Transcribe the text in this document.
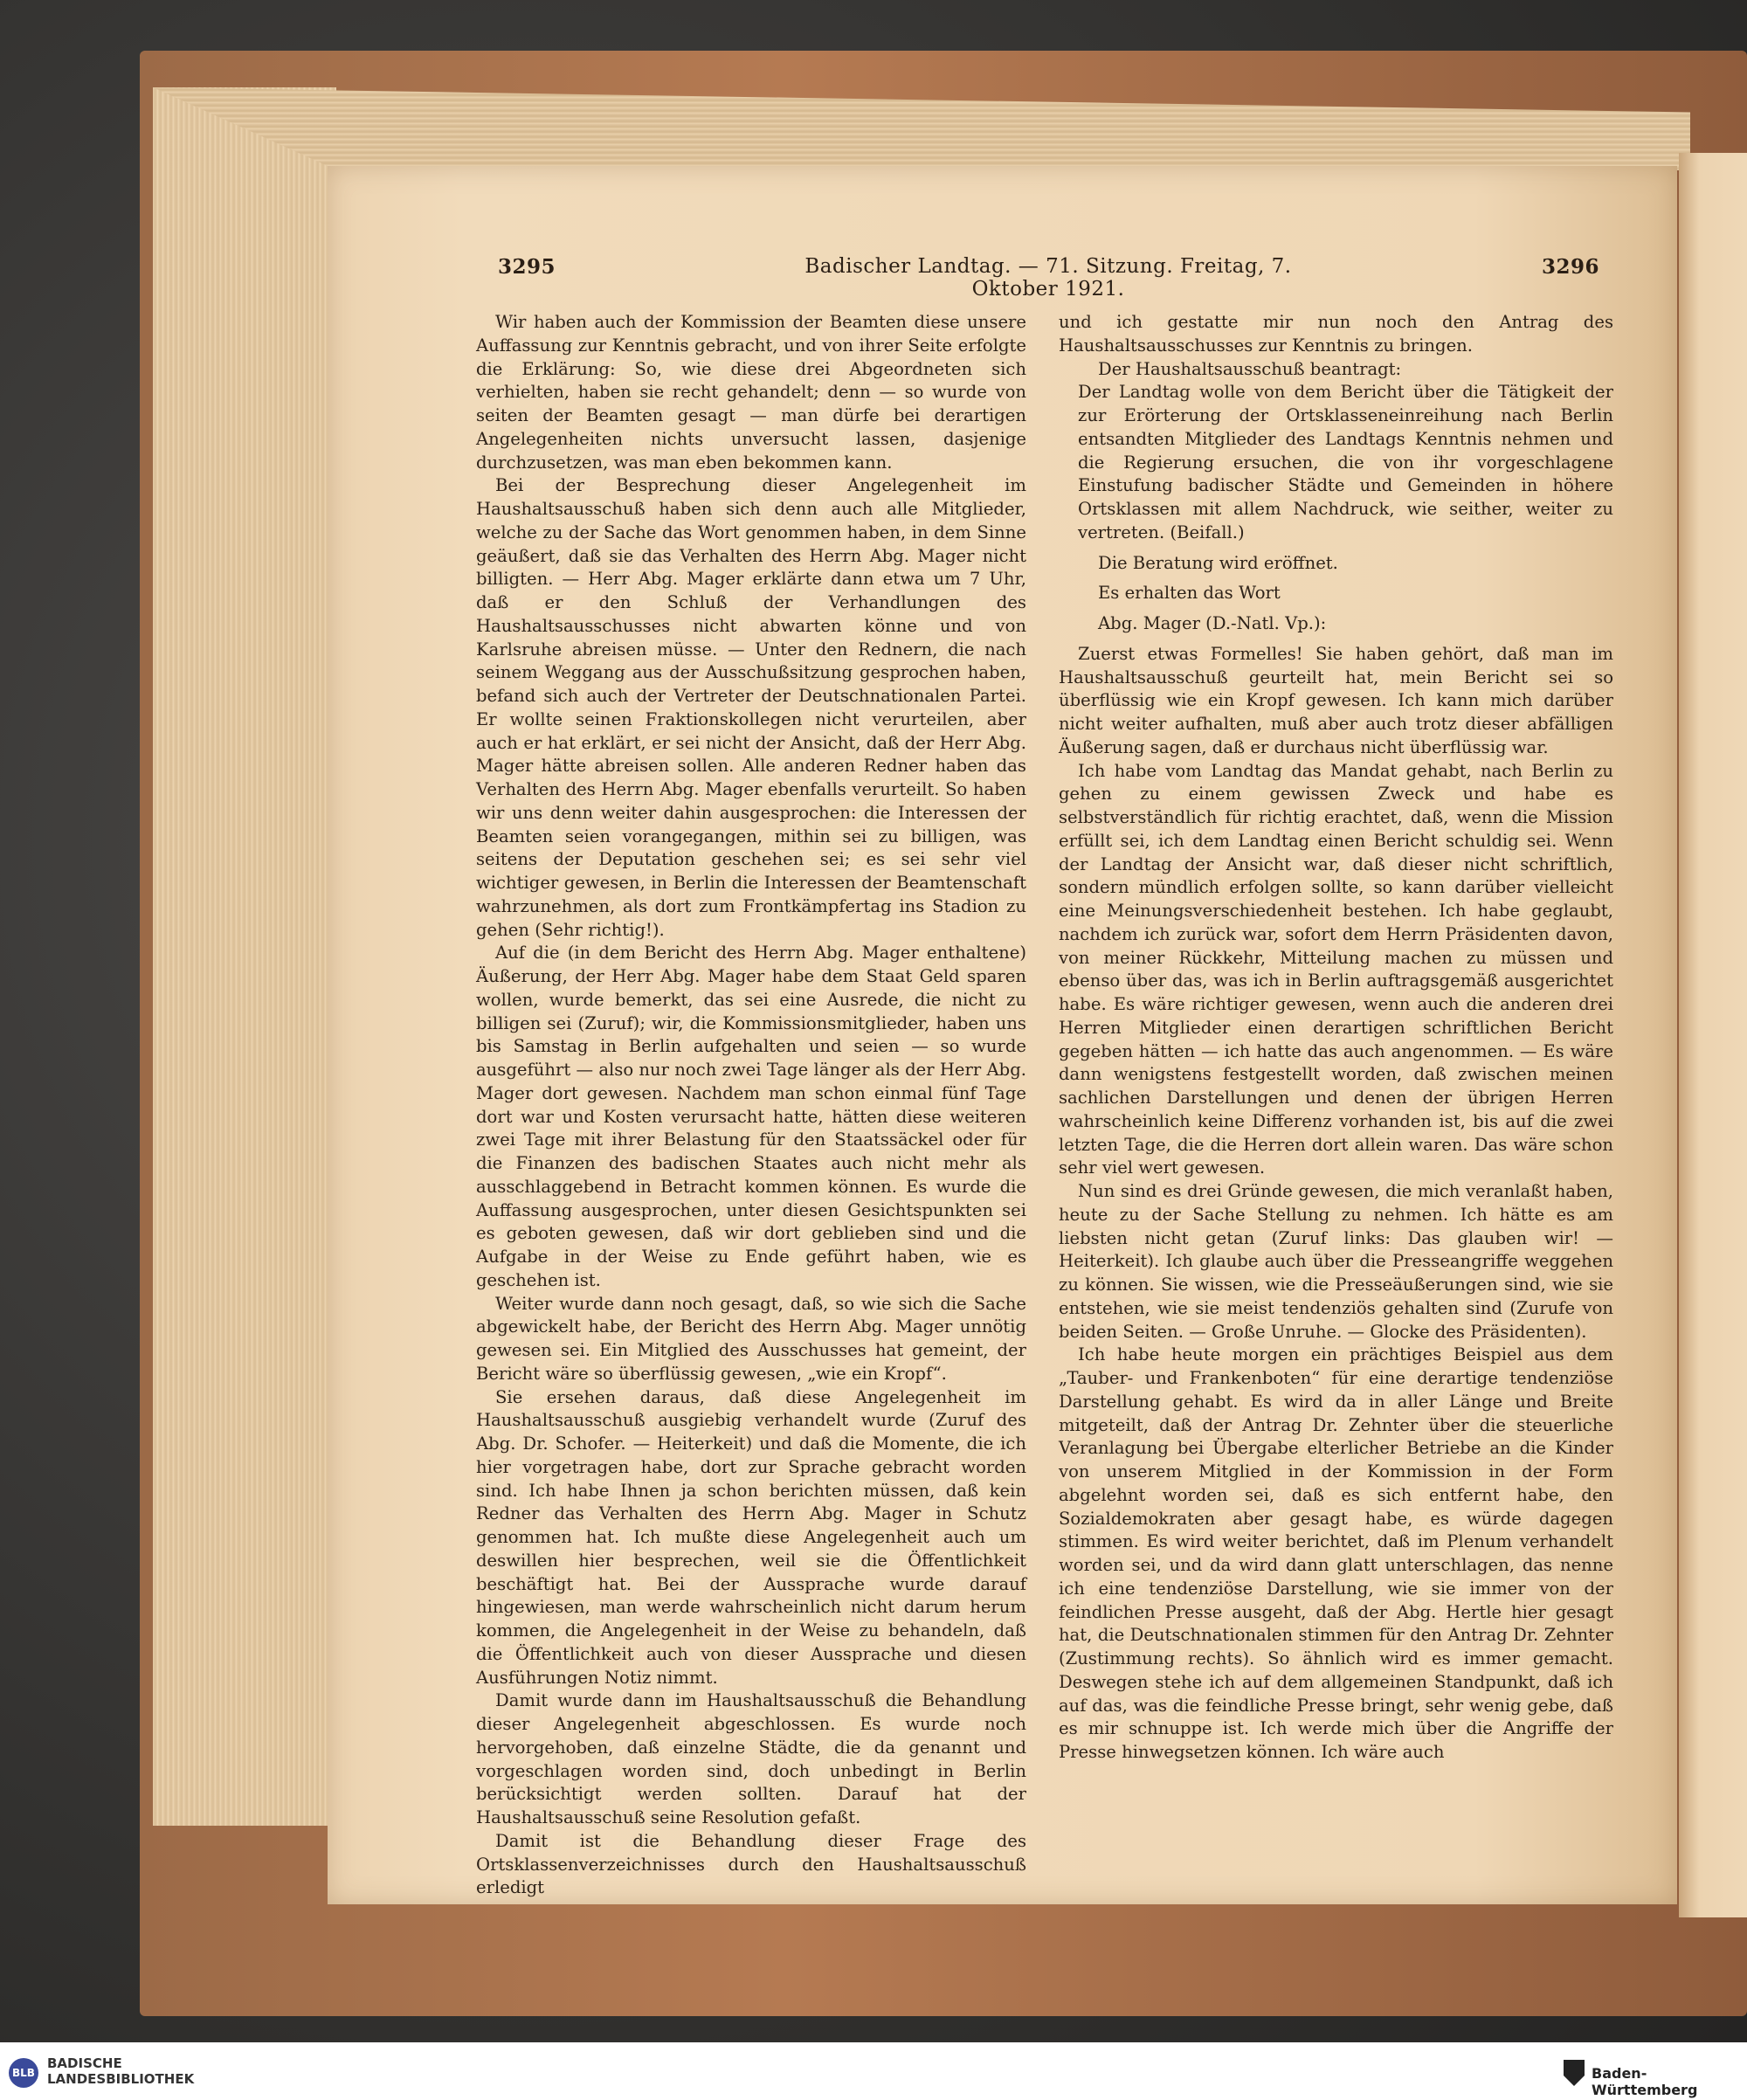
3295	Badischer Landtag. — 71. Sitzung. Freitag, 7. Oktober 1921.
3296

Wir haben auch der Kommission der Beamten diese unsere Auffassung zur Kenntnis gebracht, und von ihrer Seite erfolgte die Erklärung: So, wie diese drei Abgeordneten sich verhielten, haben sie recht gehandelt; denn — so wurde von seiten der Beamten gesagt — man dürfe bei derartigen Angelegenheiten nichts unversucht lassen, dasjenige durchzusetzen, was man eben bekommen kann.

Bei der Besprechung dieser Angelegenheit im Haushaltsausschuß haben sich denn auch alle Mitglieder, welche zu der Sache das Wort genommen haben, in dem Sinne geäußert, daß sie das Verhalten des Herrn Abg. Mager nicht billigten. — Herr Abg. Mager erklärte dann etwa um 7 Uhr, daß er den Schluß der Verhandlungen des Haushaltsausschusses nicht abwarten könne und von Karlsruhe abreisen müsse. — Unter den Rednern, die nach seinem Weggang aus der Ausschußsitzung gesprochen haben, befand sich auch der Vertreter der Deutschnationalen Partei. Er wollte seinen Fraktionskollegen nicht verurteilen, aber auch er hat erklärt, er sei nicht der Ansicht, daß der Herr Abg. Mager hätte abreisen sollen. Alle anderen Redner haben das Verhalten des Herrn Abg. Mager ebenfalls verurteilt. So haben wir uns denn weiter dahin ausgesprochen: die Interessen der Beamten seien vorangegangen, mithin sei zu billigen, was seitens der Deputation geschehen sei; es sei sehr viel wichtiger gewesen, in Berlin die Interessen der Beamtenschaft wahrzunehmen, als dort zum Frontkämpfertag ins Stadion zu gehen (Sehr richtig!).

Auf die (in dem Bericht des Herrn Abg. Mager enthaltene) Äußerung, der Herr Abg. Mager habe dem Staat Geld sparen wollen, wurde bemerkt, das sei eine Ausrede, die nicht zu billigen sei (Zuruf); wir, die Kommissionsmitglieder, haben uns bis Samstag in Berlin aufgehalten und seien — so wurde ausgeführt — also nur noch zwei Tage länger als der Herr Abg. Mager dort gewesen. Nachdem man schon einmal fünf Tage dort war und Kosten verursacht hatte, hätten diese weiteren zwei Tage mit ihrer Belastung für den Staatssäckel oder für die Finanzen des badischen Staates auch nicht mehr als ausschlaggebend in Betracht kommen können. Es wurde die Auffassung ausgesprochen, unter diesen Gesichtspunkten sei es geboten gewesen, daß wir dort geblieben sind und die Aufgabe in der Weise zu Ende geführt haben, wie es geschehen ist.

Weiter wurde dann noch gesagt, daß, so wie sich die Sache abgewickelt habe, der Bericht des Herrn Abg. Mager unnötig gewesen sei. Ein Mitglied des Ausschusses hat gemeint, der Bericht wäre so überflüssig gewesen, „wie ein Kropf“.

Sie ersehen daraus, daß diese Angelegenheit im Haushaltsausschuß ausgiebig verhandelt wurde (Zuruf des Abg. Dr. Schofer. — Heiterkeit) und daß die Momente, die ich hier vorgetragen habe, dort zur Sprache gebracht worden sind. Ich habe Ihnen ja schon berichten müssen, daß kein Redner das Verhalten des Herrn Abg. Mager in Schutz genommen hat. Ich mußte diese Angelegenheit auch um deswillen hier besprechen, weil sie die Öffentlichkeit beschäftigt hat. Bei der Aussprache wurde darauf hingewiesen, man werde wahrscheinlich nicht darum herum kommen, die Angelegenheit in der Weise zu behandeln, daß die Öffentlichkeit auch von dieser Aussprache und diesen Ausführungen Notiz nimmt.

Damit wurde dann im Haushaltsausschuß die Behandlung dieser Angelegenheit abgeschlossen. Es wurde noch hervorgehoben, daß einzelne Städte, die da genannt und vorgeschlagen worden sind, doch unbedingt in Berlin berücksichtigt werden sollten. Darauf hat der Haushaltsausschuß seine Resolution gefaßt.

Damit ist die Behandlung dieser Frage des Ortsklassenverzeichnisses durch den Haushaltsausschuß erledigt

und ich gestatte mir nun noch den Antrag des Haushaltsausschusses zur Kenntnis zu bringen.

Der Haushaltsausschuß beantragt:

Der Landtag wolle von dem Bericht über die Tätigkeit der zur Erörterung der Ortsklasseneinreihung nach Berlin entsandten Mitglieder des Landtags Kenntnis nehmen und die Regierung ersuchen, die von ihr vorgeschlagene Einstufung badischer Städte und Gemeinden in höhere Ortsklassen mit allem Nachdruck, wie seither, weiter zu vertreten. (Beifall.)

Die Beratung wird eröffnet.

Es erhalten das Wort

Abg. Mager (D.-Natl. Vp.):

Zuerst etwas Formelles! Sie haben gehört, daß man im Haushaltsausschuß geurteilt hat, mein Bericht sei so überflüssig wie ein Kropf gewesen. Ich kann mich darüber nicht weiter aufhalten, muß aber auch trotz dieser abfälligen Äußerung sagen, daß er durchaus nicht überflüssig war.

Ich habe vom Landtag das Mandat gehabt, nach Berlin zu gehen zu einem gewissen Zweck und habe es selbstverständlich für richtig erachtet, daß, wenn die Mission erfüllt sei, ich dem Landtag einen Bericht schuldig sei. Wenn der Landtag der Ansicht war, daß dieser nicht schriftlich, sondern mündlich erfolgen sollte, so kann darüber vielleicht eine Meinungsverschiedenheit bestehen. Ich habe geglaubt, nachdem ich zurück war, sofort dem Herrn Präsidenten davon, von meiner Rückkehr, Mitteilung machen zu müssen und ebenso über das, was ich in Berlin auftragsgemäß ausgerichtet habe. Es wäre richtiger gewesen, wenn auch die anderen drei Herren Mitglieder einen derartigen schriftlichen Bericht gegeben hätten — ich hatte das auch angenommen. — Es wäre dann wenigstens festgestellt worden, daß zwischen meinen sachlichen Darstellungen und denen der übrigen Herren wahrscheinlich keine Differenz vorhanden ist, bis auf die zwei letzten Tage, die die Herren dort allein waren. Das wäre schon sehr viel wert gewesen.

Nun sind es drei Gründe gewesen, die mich veranlaßt haben, heute zu der Sache Stellung zu nehmen. Ich hätte es am liebsten nicht getan (Zuruf links: Das glauben wir! — Heiterkeit). Ich glaube auch über die Presseangriffe weggehen zu können. Sie wissen, wie die Presseäußerungen sind, wie sie entstehen, wie sie meist tendenziös gehalten sind (Zurufe von beiden Seiten. — Große Unruhe. — Glocke des Präsidenten).

Ich habe heute morgen ein prächtiges Beispiel aus dem „Tauber- und Frankenboten“ für eine derartige tendenziöse Darstellung gehabt. Es wird da in aller Länge und Breite mitgeteilt, daß der Antrag Dr. Zehnter über die steuerliche Veranlagung bei Übergabe elterlicher Betriebe an die Kinder von unserem Mitglied in der Kommission in der Form abgelehnt worden sei, daß es sich entfernt habe, den Sozialdemokraten aber gesagt habe, es würde dagegen stimmen. Es wird weiter berichtet, daß im Plenum verhandelt worden sei, und da wird dann glatt unterschlagen, das nenne ich eine tendenziöse Darstellung, wie sie immer von der feindlichen Presse ausgeht, daß der Abg. Hertle hier gesagt hat, die Deutschnationalen stimmen für den Antrag Dr. Zehnter (Zustimmung rechts). So ähnlich wird es immer gemacht. Deswegen stehe ich auf dem allgemeinen Standpunkt, daß ich auf das, was die feindliche Presse bringt, sehr wenig gebe, daß es mir schnuppe ist. Ich werde mich über die Angriffe der Presse hinwegsetzen können. Ich wäre auch

BLB
BADISCHE
LANDESBIBLIOTHEK	Baden-Württemberg
